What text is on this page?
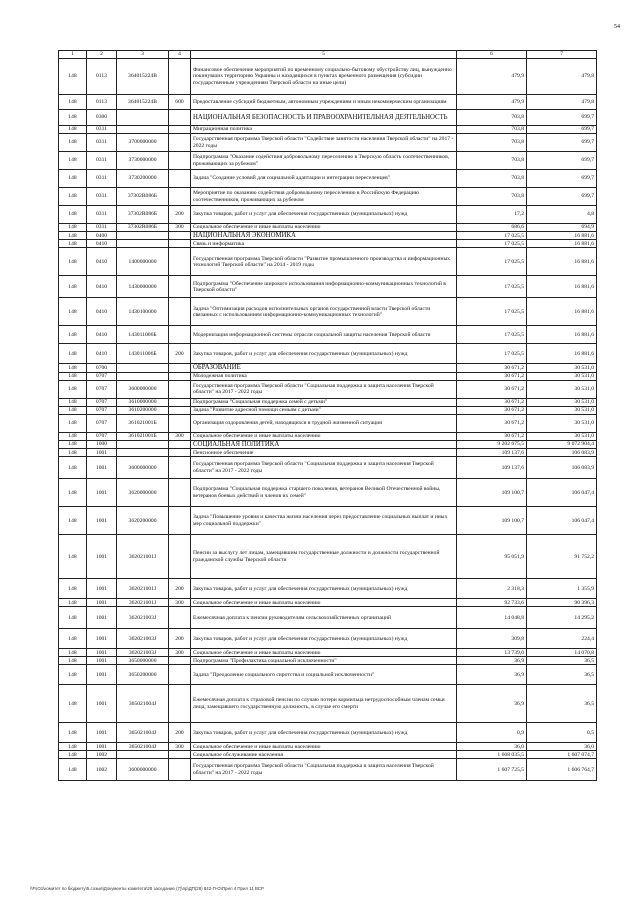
54
1	2	3	4	5	6	7
148	0113	364015224В		Финансовое обеспечение мероприятий по временному социально-бытовому обустройству лиц, вынужденно покинувших территорию Украины и находящихся в пунктах временного размещения (субсидии государственным учреждениям Тверской области на иные цели)	479,9	479,8
148	0113	364015224В	600	Предоставление субсидий бюджетным, автономным учреждениям и иным некоммерческим организациям	479,9	479,8
148	0300			НАЦИОНАЛЬНАЯ БЕЗОПАСНОСТЬ И ПРАВООХРАНИТЕЛЬНАЯ ДЕЯТЕЛЬНОСТЬ	703,8	699,7
148	0311			Миграционная политика	703,8	699,7
148	0311	3700000000		Государственная программа Тверской области "Содействие занятости населения Тверской области" на 2017 - 2022 годы	703,8	699,7
148	0311	3730000000		Подпрограмма "Оказание содействия добровольному переселению в Тверскую область соотечественников, проживающих за рубежом"	703,8	699,7
148	0311	3730200000		Задача "Создание условий для социальной адаптации и интеграции переселенцев"	703,8	699,7
148	0311	37302R086Б		Мероприятие по оказанию содействия добровольному переселению в Российскую Федерацию соотечественников, проживающих за рубежом	703,8	699,7
148	0311	37302R086Б	200	Закупка товаров, работ и услуг для обеспечения государственных (муниципальных) нужд	17,2	4,8
148	0311	37302R086Б	300	Социальное обеспечение и иные выплаты населению	686,6	694,9
148	0400			НАЦИОНАЛЬНАЯ ЭКОНОМИКА	17 025,5	16 881,6
148	0410			Связь и информатика	17 025,5	16 881,6
148	0410	1400000000		Государственная программа Тверской области "Развитие промышленного производства и информационных технологий Тверской области" на 2014 - 2019 годы	17 025,5	16 881,6
148	0410	1430000000		Подпрограмма "Обеспечение широкого использования информационно-коммуникационных технологий в Тверской области"	17 025,5	16 881,6
148	0410	1430100000		Задача "Оптимизация расходов исполнительных органов государственной власти Тверской области связанных с использованием информационно-коммуникационных технологий"	17 025,5	16 881,6
148	0410	143011006Б		Модернизация информационной системы отрасли социальной защиты населения Тверской области	17 025,5	16 881,6
148	0410	143011006Б	200	Закупка товаров, работ и услуг для обеспечения государственных (муниципальных) нужд	17 025,5	16 881,6
148	0700			ОБРАЗОВАНИЕ	30 671,2	30 531,0
148	0707			Молодежная политика	30 671,2	30 531,0
148	0707	3600000000		Государственная программа Тверской области "Социальная поддержка и защита населения Тверской области" на 2017 - 2022 годы	30 671,2	30 531,0
148	0707	3610000000		Подпрограмма "Социальная поддержка семей с детьми"	30 671,2	30 531,0
148	0707	3610200000		Задача "Развитие адресной помощи семьям с детьми"	30 671,2	30 531,0
148	0707	361021001Б		Организация оздоровления детей, находящихся в трудной жизненной ситуации	30 671,2	30 531,0
148	0707	361021001Б	300	Социальное обеспечение и иные выплаты населению	30 671,2	30 531,0
148	1000			СОЦИАЛЬНАЯ ПОЛИТИКА	9 202 675,5	9 072 904,4
148	1001			Пенсионное обеспечение	109 137,6	106 083,9
148	1001	3600000000		Государственная программа Тверской области "Социальная поддержка и защита населения Тверской области" на 2017 - 2022 годы	109 137,6	106 083,9
148	1001	3620000000		Подпрограмма "Социальная поддержка старшего поколения, ветеранов Великой Отечественной войны, ветеранов боевых действий и членов их семей"	109 100,7	106 047,4
148	1001	3620200000		Задача "Повышение уровня и качества жизни населения через предоставление социальных выплат и иных мер социальной поддержки"	109 100,7	106 047,4
148	1001	362021001J		Пенсии за выслугу лет лицам, замещавшим государственные должности и должности государственной гражданской службы Тверской области	95 051,9	91 752,2
148	1001	362021001J	200	Закупка товаров, работ и услуг для обеспечения государственных (муниципальных) нужд	2 318,3	1 355,9
148	1001	362021001J	300	Социальное обеспечение и иные выплаты населению	92 733,6	90 396,3
148	1001	362021003J		Ежемесячная доплата к пенсии руководителям сельскохозяйственных организаций	14 048,8	14 295,2
148	1001	362021003J	200	Закупка товаров, работ и услуг для обеспечения государственных (муниципальных) нужд	309,8	224,4
148	1001	362021003J	300	Социальное обеспечение и иные выплаты населению	13 739,0	14 070,8
148	1001	3650000000		Подпрограмма "Профилактика социальной исключенности"	36,9	36,5
148	1001	3650200000		Задача "Преодоление социального сиротства и социальной исключенности"	36,9	36,5
148	1001	365021004J		Ежемесячная доплата к страховой пенсии по случаю потери кормильца нетрудоспособным членам семьи лица, замещавшего государственную должность, в случае его смерти	36,9	36,5
148	1001	365021004J	200	Закупка товаров, работ и услуг для обеспечения государственных (муниципальных) нужд	0,9	0,5
148	1001	365021004J	300	Социальное обеспечение и иные выплаты населению	36,0	36,0
148	1002			Социальное обслуживание населения	1 608 035,5	1 607 074,7
148	1002	3600000000		Государственная программа Тверской области "Социальная поддержка и защита населения Тверской области" на 2017 - 2022 годы	1 607 725,5	1 606 764,7
\\FsO1\комитет по бюджету\5.созыв\Документы комитета\28 заседание (7)\пр\ДП(28) 842-П-О\Прил 4 Прил 11 ВСР
